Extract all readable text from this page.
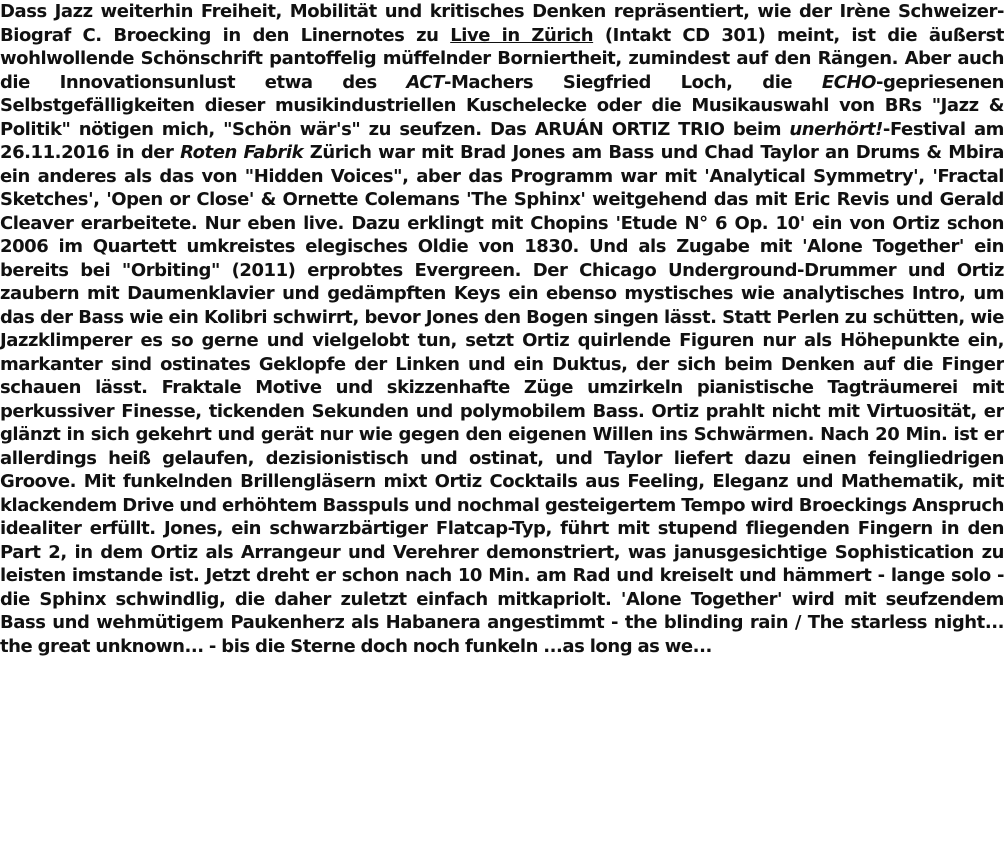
Dass Jazz weiterhin Freiheit, Mobilität und kritisches Denken repräsentiert, wie der Irène Schweizer-Biograf C. Broecking in den Linernotes zu Live in Zürich (Intakt CD 301) meint, ist die äußerst wohlwollende Schönschrift pantoffelig müffelnder Borniertheit, zumindest auf den Rängen. Aber auch die Innovationsunlust etwa des ACT-Machers Siegfried Loch, die ECHO-gepriesenen Selbstgefälligkeiten dieser musikindustriellen Kuschelecke oder die Musikauswahl von BRs "Jazz & Politik" nötigen mich, "Schön wär's" zu seufzen. Das ARUÁN ORTIZ TRIO beim unerhört!-Festival am 26.11.2016 in der Roten Fabrik Zürich war mit Brad Jones am Bass und Chad Taylor an Drums & Mbira ein anderes als das von "Hidden Voices", aber das Programm war mit 'Analytical Symmetry', 'Fractal Sketches', 'Open or Close' & Ornette Colemans 'The Sphinx' weitgehend das mit Eric Revis und Gerald Cleaver erarbeitete. Nur eben live. Dazu erklingt mit Chopins 'Etude N° 6 Op. 10' ein von Ortiz schon 2006 im Quartett umkreistes elegisches Oldie von 1830. Und als Zugabe mit 'Alone Together' ein bereits bei "Orbiting" (2011) erprobtes Evergreen. Der Chicago Underground-Drummer und Ortiz zaubern mit Daumenklavier und gedämpften Keys ein ebenso mystisches wie analytisches Intro, um das der Bass wie ein Kolibri schwirrt, bevor Jones den Bogen singen lässt. Statt Perlen zu schütten, wie Jazzklimperer es so gerne und vielgelobt tun, setzt Ortiz quirlende Figuren nur als Höhepunkte ein, markanter sind ostinates Geklopfe der Linken und ein Duktus, der sich beim Denken auf die Finger schauen lässt. Fraktale Motive und skizzenhafte Züge umzirkeln pianistische Tagträumerei mit perkussiver Finesse, tickenden Sekunden und polymobilem Bass. Ortiz prahlt nicht mit Virtuosität, er glänzt in sich gekehrt und gerät nur wie gegen den eigenen Willen ins Schwärmen. Nach 20 Min. ist er allerdings heiß gelaufen, dezisionistisch und ostinat, und Taylor liefert dazu einen feingliedrigen Groove. Mit funkelnden Brillengläsern mixt Ortiz Cocktails aus Feeling, Eleganz und Mathematik, mit klackendem Drive und erhöhtem Basspuls und nochmal gesteigertem Tempo wird Broeckings Anspruch idealiter erfüllt. Jones, ein schwarzbärtiger Flatcap-Typ, führt mit stupend fliegenden Fingern in den Part 2, in dem Ortiz als Arrangeur und Verehrer demonstriert, was janusgesichtige Sophistication zu leisten imstande ist. Jetzt dreht er schon nach 10 Min. am Rad und kreiselt und hämmert - lange solo - die Sphinx schwindlig, die daher zuletzt einfach mitkapriolt. 'Alone Together' wird mit seufzendem Bass und wehmütigem Paukenherz als Habanera angestimmt - the blinding rain / The starless night... the great unknown... - bis die Sterne doch noch funkeln ...as long as we...
